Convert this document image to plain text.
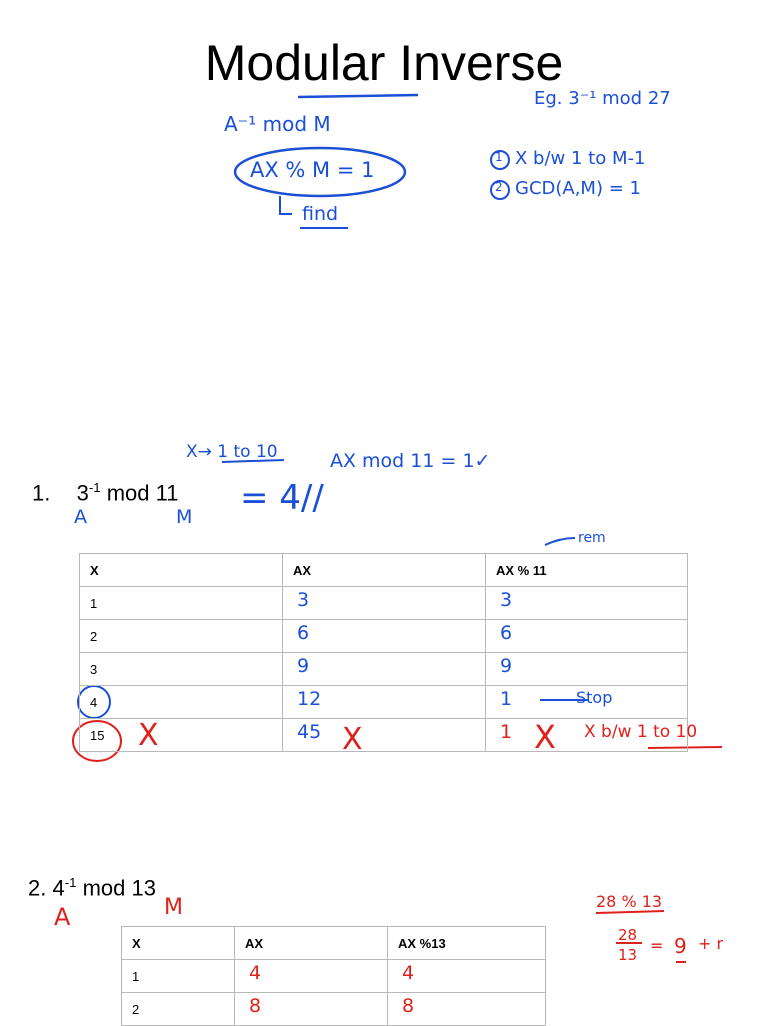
Modular Inverse
A⁻¹ mod M
AX % M = 1
find
Eg. 3⁻¹ mod 27
1 X b/w 1 to M-1
2 GCD(A,M) = 1
X→ 1 to 10	AX mod 11 = 1✓
1. $3^{-1}$ mod 11
A	M = 4//
rem
X	AX	AX % 11
1	3	3

2	6	6

3	9	9

4	12	1

15	45	1
Stop
X	X	X X b/w 1 to 10
2. $4^{-1}$ mod 13
A	M	28 % 13
28
13 = 9 + r
X	AX	AX %13
1	4	4

2	8	8
